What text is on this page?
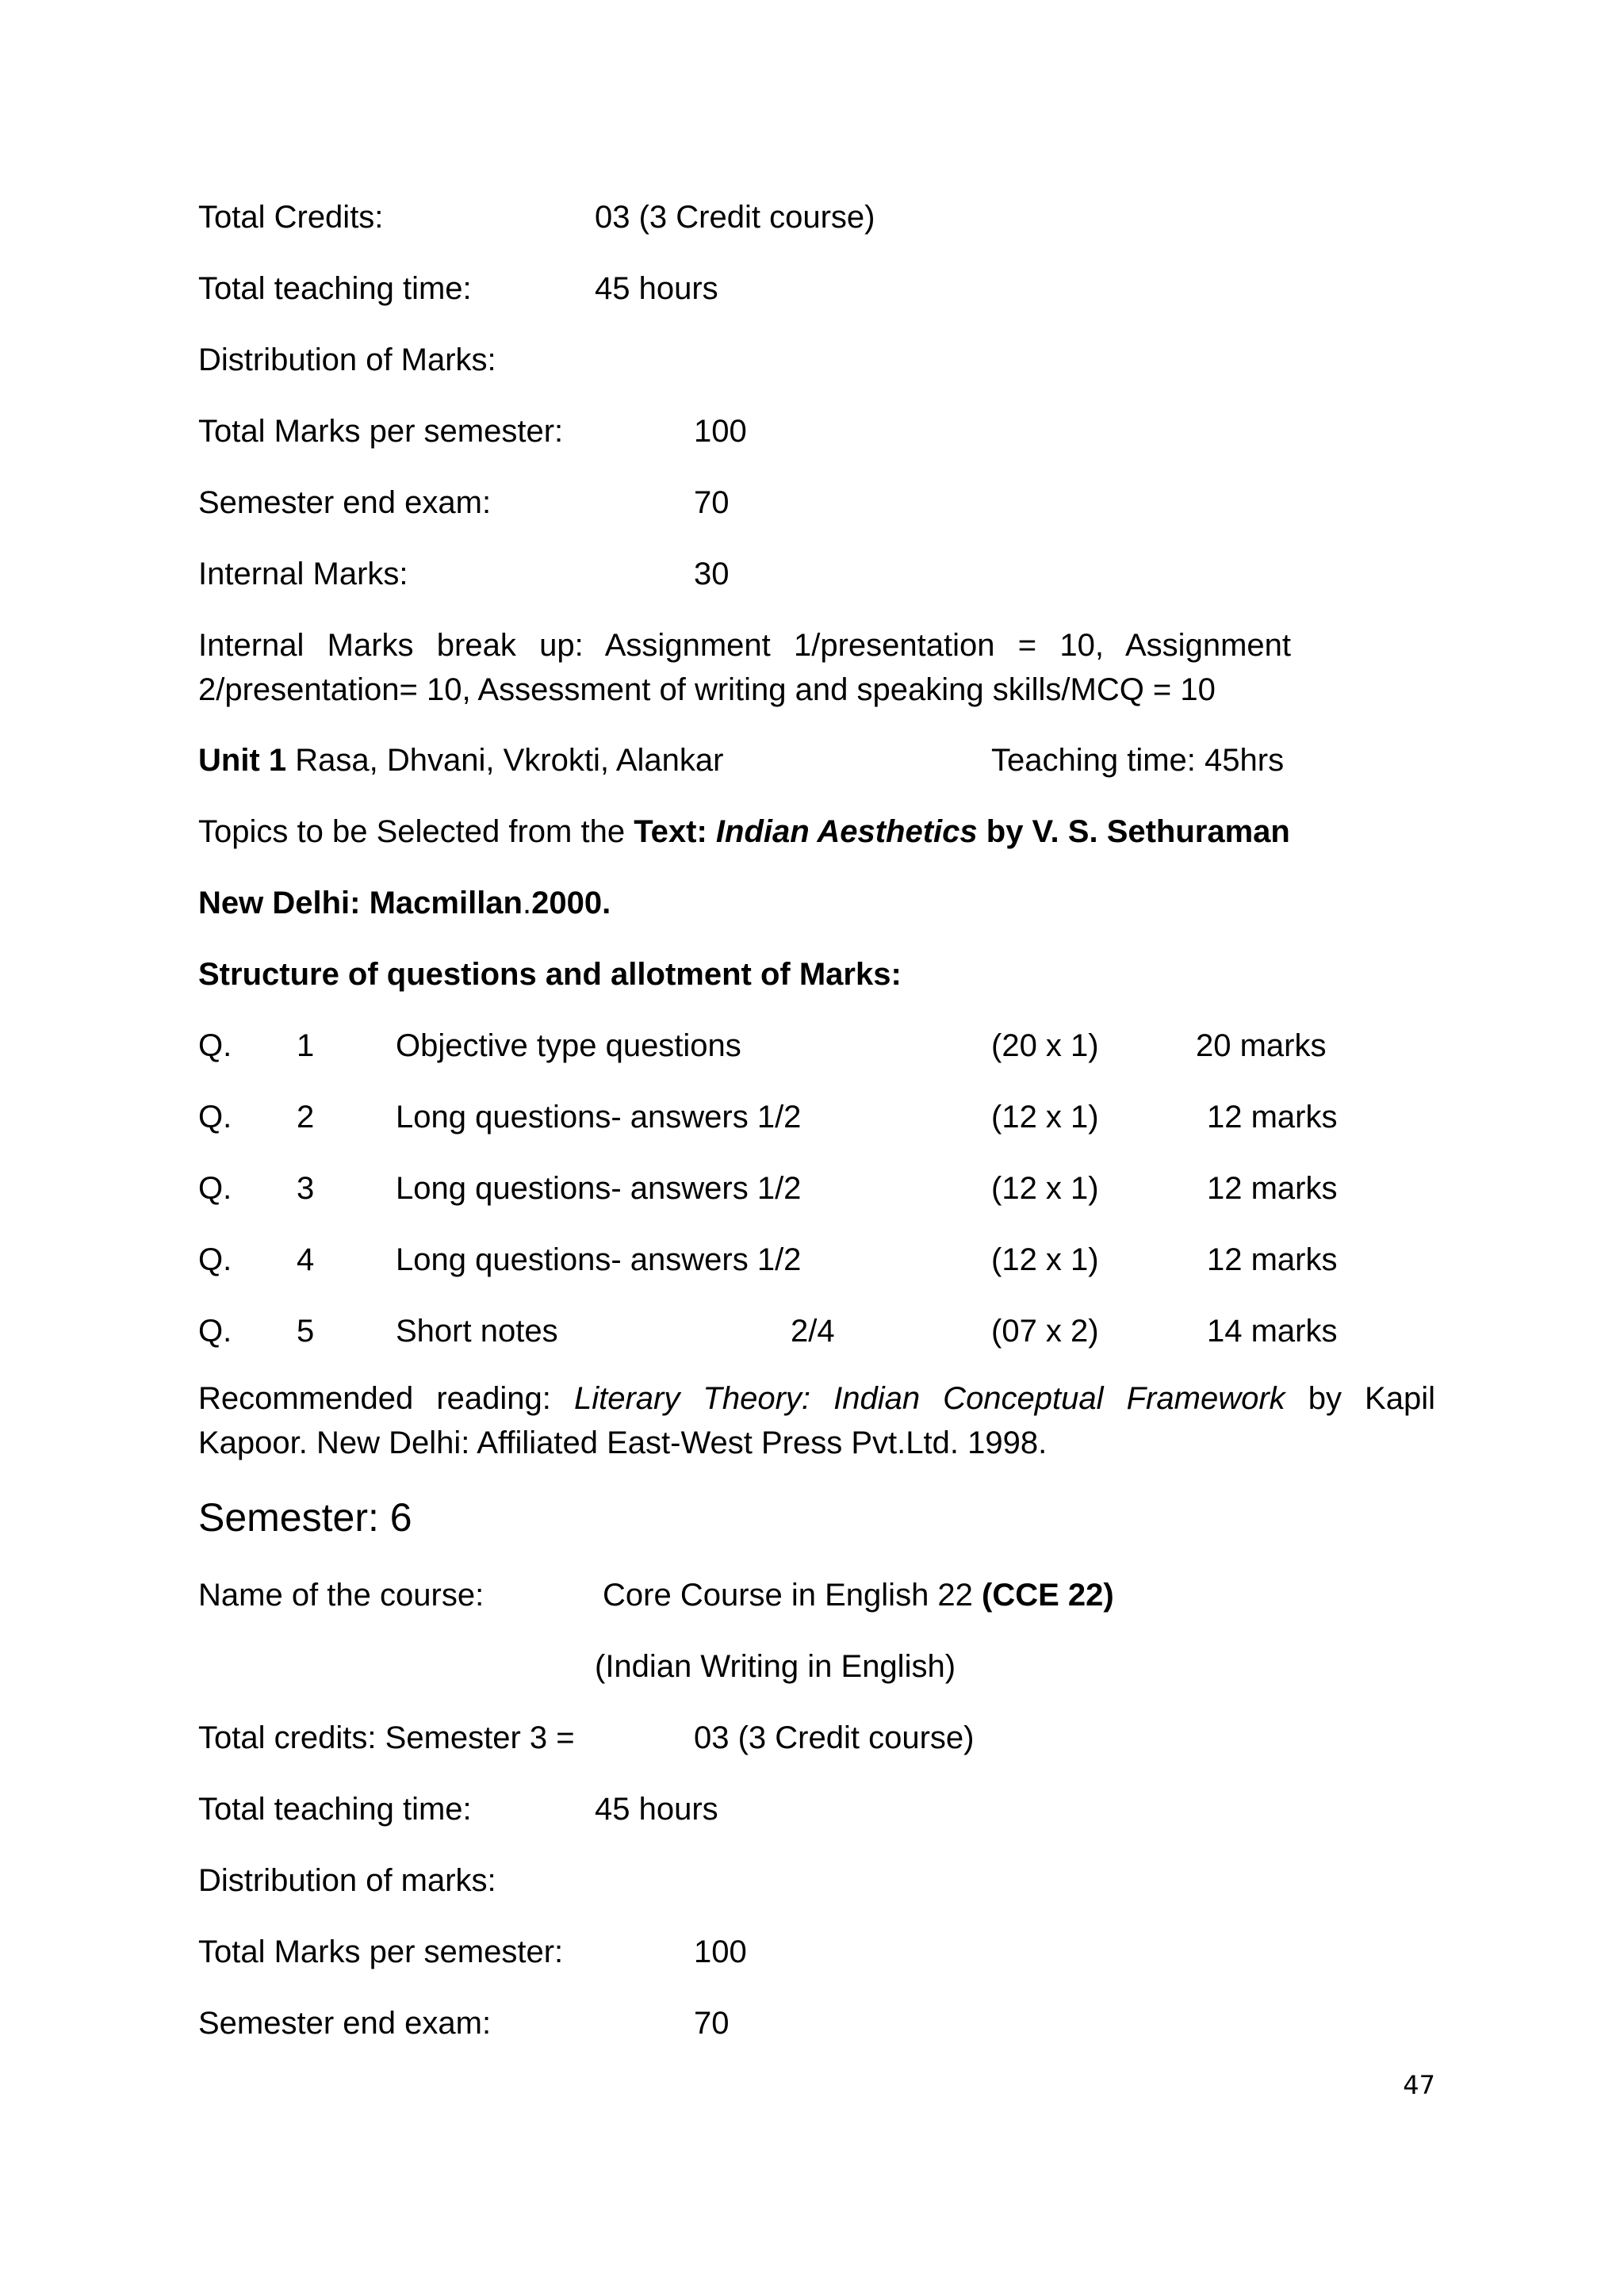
Total Credits:	03 (3 Credit course)
Total teaching time:	45 hours
Distribution of Marks:
Total Marks per semester:	100
Semester end exam:	70
Internal Marks:	30
Internal Marks break up: Assignment 1/presentation = 10, Assignment 2/presentation= 10, Assessment of writing and speaking skills/MCQ = 10
Unit 1 Rasa, Dhvani, Vkrokti, Alankar	Teaching time: 45hrs
Topics to be Selected from the Text: Indian Aesthetics by V. S. Sethuraman
New Delhi: Macmillan.2000.
Structure of questions and allotment of Marks:
Q. 1	Objective type questions	(20 x 1)	20 marks
Q. 2	Long questions- answers 1/2	(12 x 1)	12 marks
Q. 3	Long questions- answers 1/2	(12 x 1)	12 marks
Q. 4	Long questions- answers 1/2	(12 x 1)	12 marks
Q. 5	Short notes	2/4	(07 x 2)	14 marks
Recommended reading: Literary Theory: Indian Conceptual Framework by Kapil Kapoor. New Delhi: Affiliated East-West Press Pvt.Ltd. 1998.
Semester: 6
Name of the course:	Core Course in English 22 (CCE 22)
(Indian Writing in English)
Total credits: Semester 3 =	03 (3 Credit course)
Total teaching time:	45 hours
Distribution of marks:
Total Marks per semester:	100
Semester end exam:	70
47
